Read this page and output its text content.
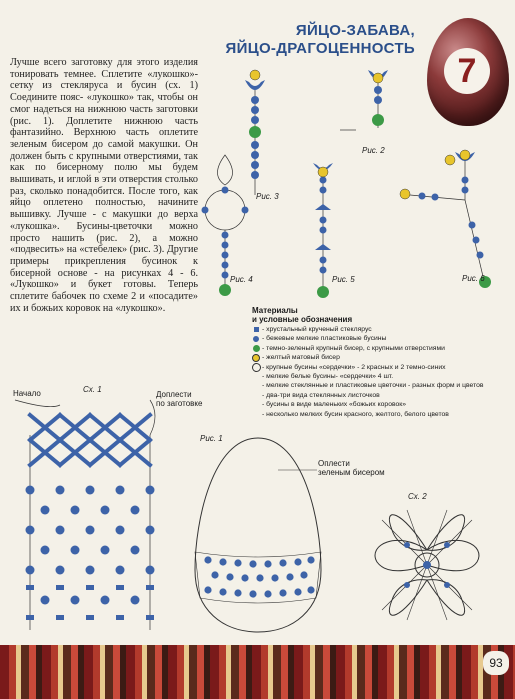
ЯЙЦО-ЗАБАВА,
ЯЙЦО-ДРАГОЦЕННОСТЬ
7
Лучше всего заготовку для этого изделия тонировать темнее. Сплетите «лукошко»- сетку из стекляруса и бусин (сх. 1) Соедините пояс- «лукошко» так, чтобы он смог надеться на нижнюю часть заготовки (рис. 1). Доплетите нижнюю часть фантазийно. Верхнюю часть оплетите зеленым бисером до самой макушки. Он должен быть с крупными отверстиями, так как по бисерному полю мы будем вышивать, и иглой в эти отверстия столько раз, сколько понадобится. После того, как яйцо оплетено полностью, начините вышивку. Лучше - с макушки до верха «лукошка». Бусины-цветочки можно просто нашить (рис. 2), а можно «подвесить» на «стебелек» (рис. 3). Другие примеры прикрепления бусинок к бисерной основе - на рисунках 4 - 6. «Лукошко» и букет готовы. Теперь сплетите бабочек по схеме 2 и «посадите» их и божьих коровок на «лукошко».
Рис. 2
Рис. 3
Рис. 4	Рис. 5	Рис. 6
Материалы
и условные обозначения
- хрустальный крученый стеклярус
- бежевые мелкие пластиковые бусины
- темно-зеленый крупный бисер, с крупными отверстиями
- желтый матовый бисер
- крупные бусины «сердечки» - 2 красных и 2 темно-синих
- мелкие белые бусины- «сердечки» 4 шт.
- мелкие стеклянные и пластиковые цветочки - разных форм и цветов
- два-три вида стеклянных листочков
- бусины в виде маленьких «божьих коровок»
- несколько мелких бусин красного, желтого, белого цветов
Начало	Сх. 1
Доплести
по заготовке
Рис. 1
Оплести
зеленым бисером
Сх. 2
93
